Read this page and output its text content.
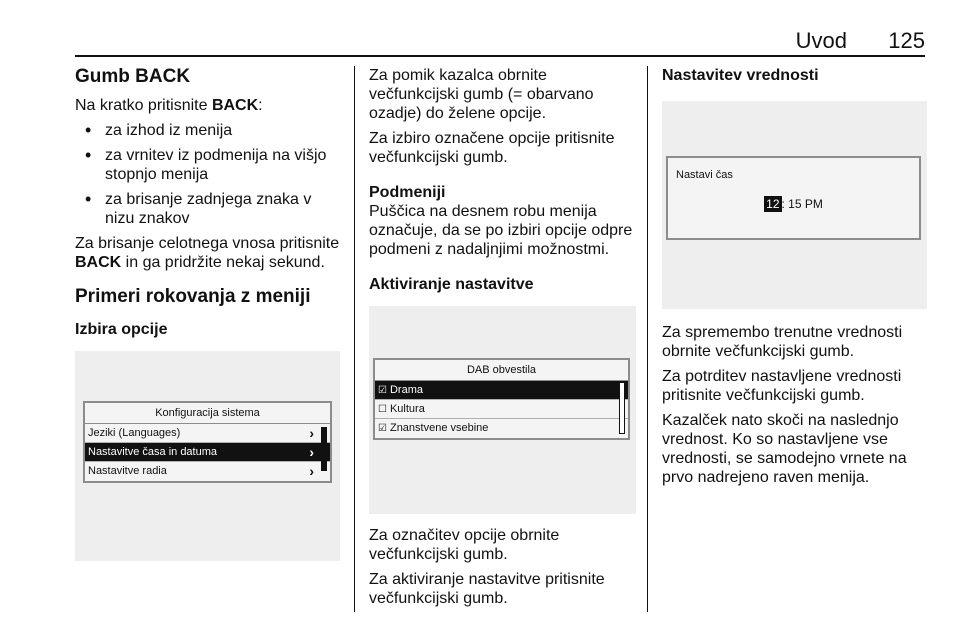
Uvod 125
Gumb BACK

Na kratko pritisnite BACK:

• za izhod iz menija
• za vrnitev iz podmenija na višjo stopnjo menija
• za brisanje zadnjega znaka v nizu znakov

Za brisanje celotnega vnosa pritisnite BACK in ga pridržite nekaj sekund.

Primeri rokovanja z meniji
Izbira opcije
Konfiguracija sistema
Jeziki (Languages)	›
Nastavitve časa in datuma	›
Nastavitve radia	›

Za pomik kazalca obrnite večfunkcijski gumb (= obarvano ozadje) do želene opcije.

Za izbiro označene opcije pritisnite večfunkcijski gumb.

Podmeniji

Puščica na desnem robu menija označuje, da se po izbiri opcije odpre podmeni z nadaljnjimi možnostmi.

Aktiviranje nastavitve
DAB obvestila
☑ Drama
☐ Kultura
☑ Znanstvene vsebine

Za označitev opcije obrnite večfunkcijski gumb.

Za aktiviranje nastavitve pritisnite večfunkcijski gumb.

Nastavitev vrednosti
Nastavi čas
12 : 15 PM

Za spremembo trenutne vrednosti obrnite večfunkcijski gumb.

Za potrditev nastavljene vrednosti pritisnite večfunkcijski gumb.

Kazalček nato skoči na naslednjo vrednost. Ko so nastavljene vse vrednosti, se samodejno vrnete na prvo nadrejeno raven menija.
